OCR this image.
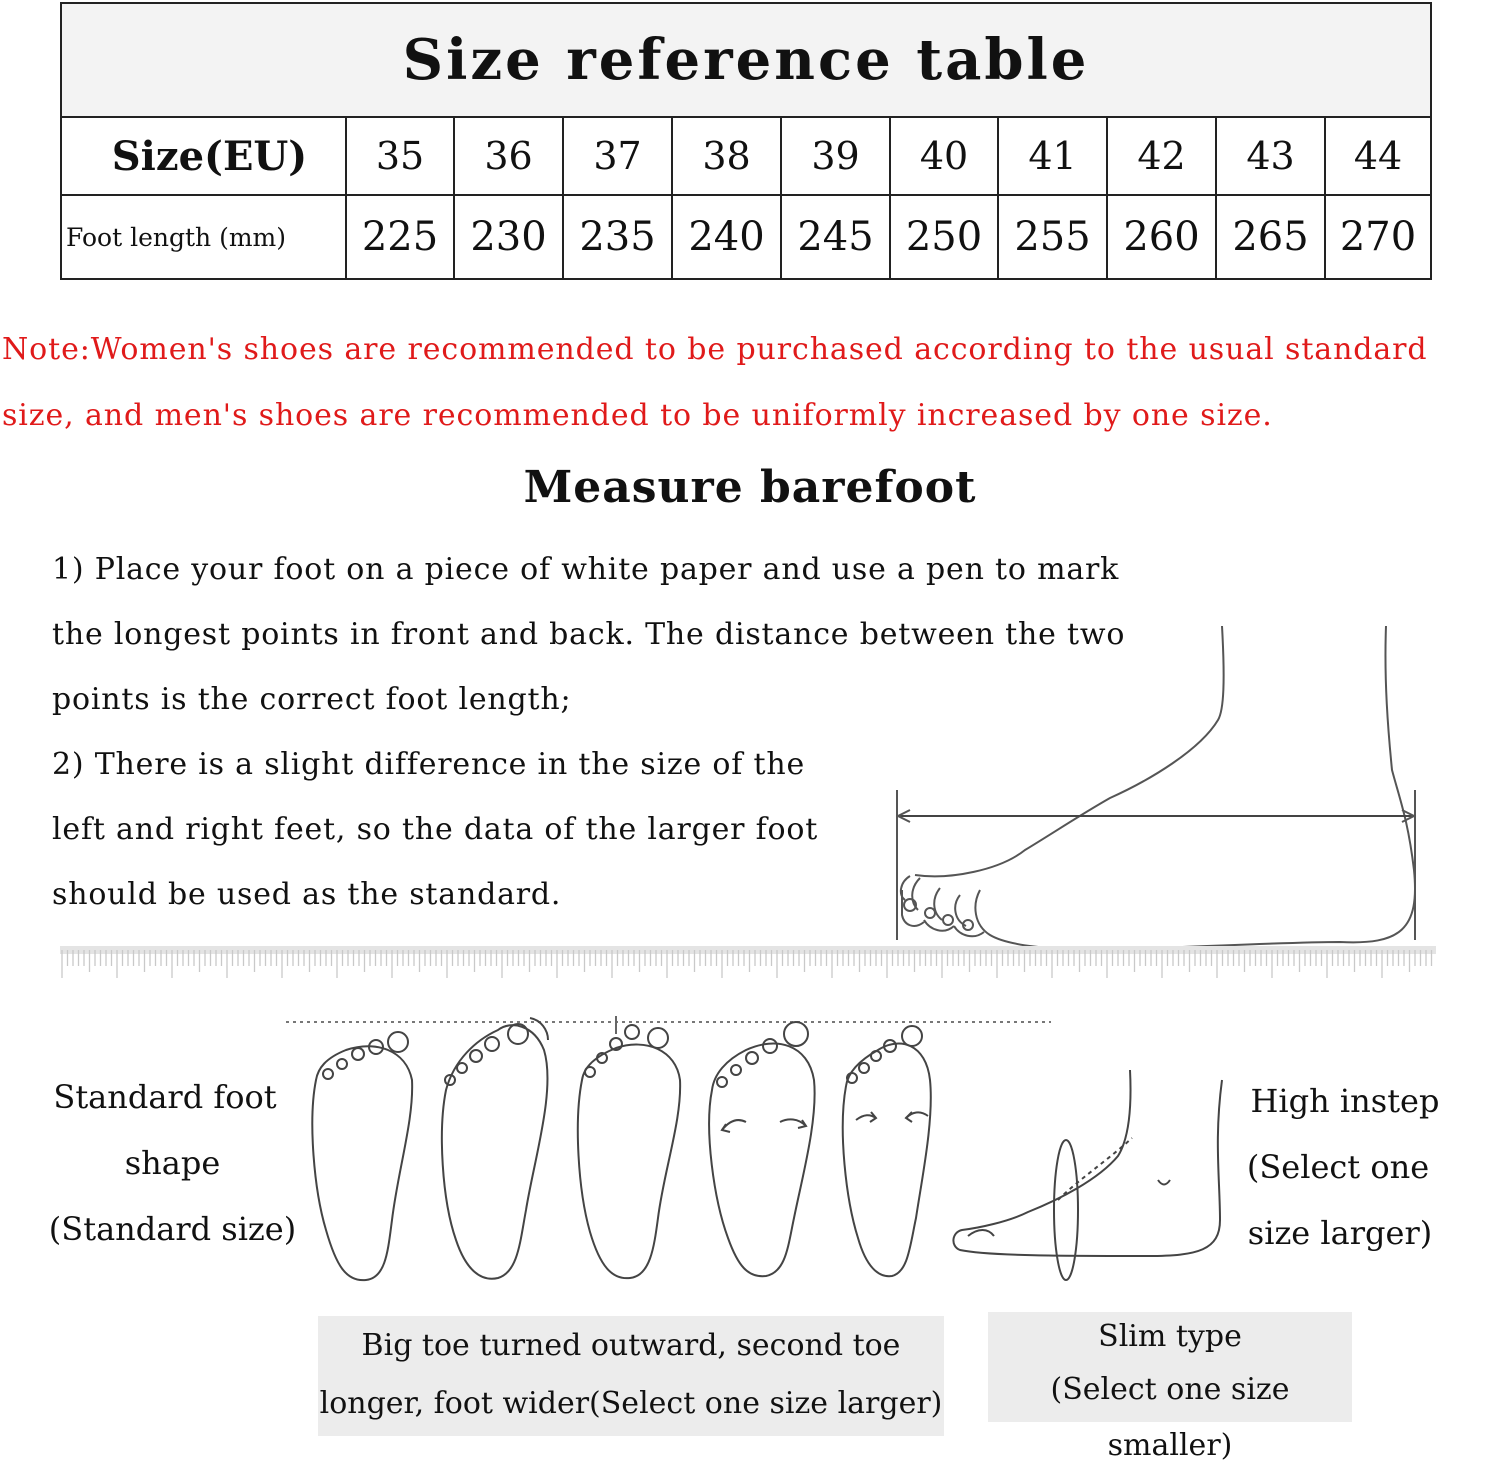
Size reference table										
Size(EU)	35	36	37	38	39	40	41	42	43	44
Foot length (mm)	225	230	235	240	245	250	255	260	265	270
Note:Women's shoes are recommended to be purchased according to the usual standard
size, and men's shoes are recommended to be uniformly increased by one size.
Measure barefoot
1) Place your foot on a piece of white paper and use a pen to mark
the longest points in front and back. The distance between the two
points is the correct foot length;
2) There is a slight difference in the size of the
left and right feet, so the data of the larger foot
should be used as the standard.
Standard foot
shape
(Standard size)
High instep
(Select one
size larger)
Big toe turned outward, second toe
longer, foot wider(Select one size larger)
Slim type
(Select one size smaller)
